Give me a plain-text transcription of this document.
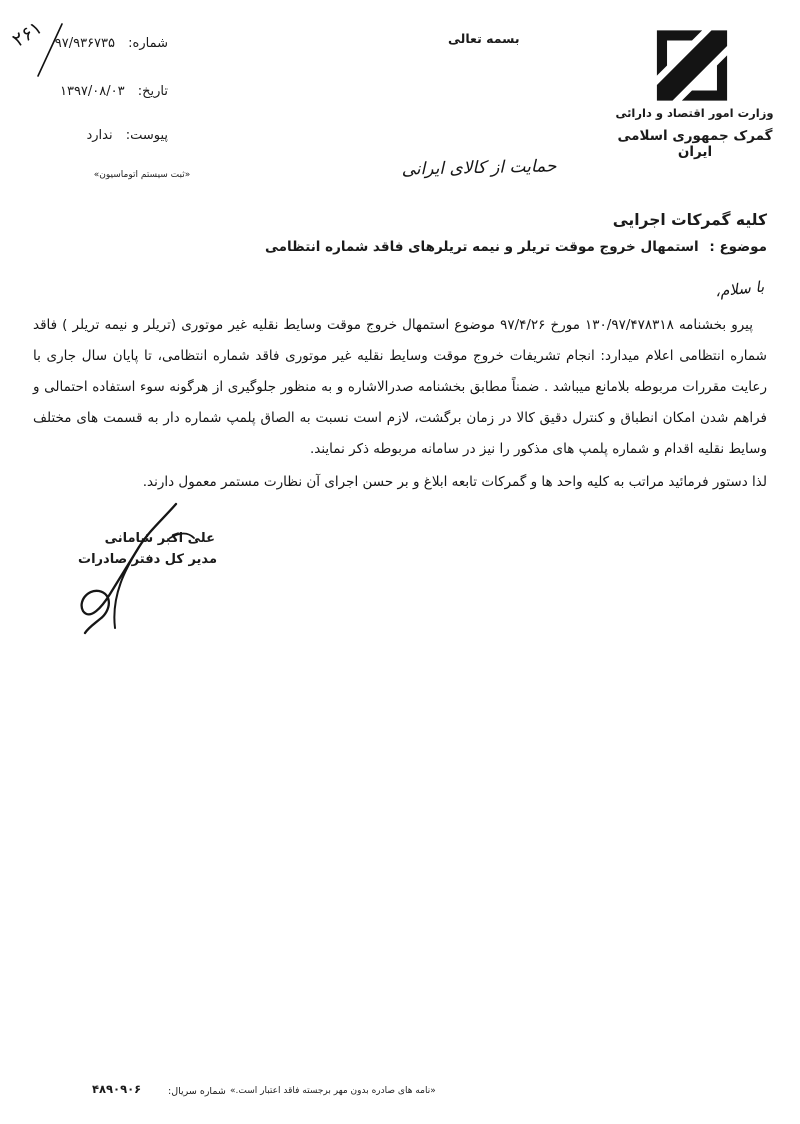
۲۶۱	شماره: ۹۷/۹۳۶۷۳۵
تاریخ: ۱۳۹۷/۰۸/۰۳
پیوست: ندارد
«ثبت سیستم اتوماسیون»
بسمه تعالی
وزارت امور اقتصاد و دارائی
گمرک جمهوری اسلامی ایران
حمایت از کالای ایرانی
کلیه گمرکات اجرایی
موضوع : استمهال خروج موقت تریلر و نیمه تریلرهای فاقد شماره انتظامی
با سلام،

پیرو بخشنامه ۱۳۰/۹۷/۴۷۸۳۱۸ مورخ ۹۷/۴/۲۶ موضوع استمهال خروج موقت وسایط نقلیه غیر موتوری (تریلر و نیمه تریلر ) فاقد شماره انتظامی اعلام میدارد: انجام تشریفات خروج موقت وسایط نقلیه غیر موتوری فاقد شماره انتظامی، تا پایان سال جاری با رعایت مقررات مربوطه بلامانع میباشد . ضمناً مطابق بخشنامه صدرالاشاره و به منظور جلوگیری از هرگونه سوء استفاده احتمالی و فراهم شدن امکان انطباق و کنترل دقیق کالا در زمان برگشت، لازم است نسبت به الصاق پلمپ شماره دار به قسمت های مختلف وسایط نقلیه اقدام و شماره پلمپ های مذکور را نیز در سامانه مربوطه ذکر نمایند.

لذا دستور فرمائید مراتب به کلیه واحد ها و گمرکات تابعه ابلاغ و بر حسن اجرای آن نظارت مستمر معمول دارند.

علی اکبر شامانی
مدیر کل دفتر صادرات
۴۸۹۰۹۰۶	شماره سریال: «نامه های صادره بدون مهر برجسته فاقد اعتبار است.»
